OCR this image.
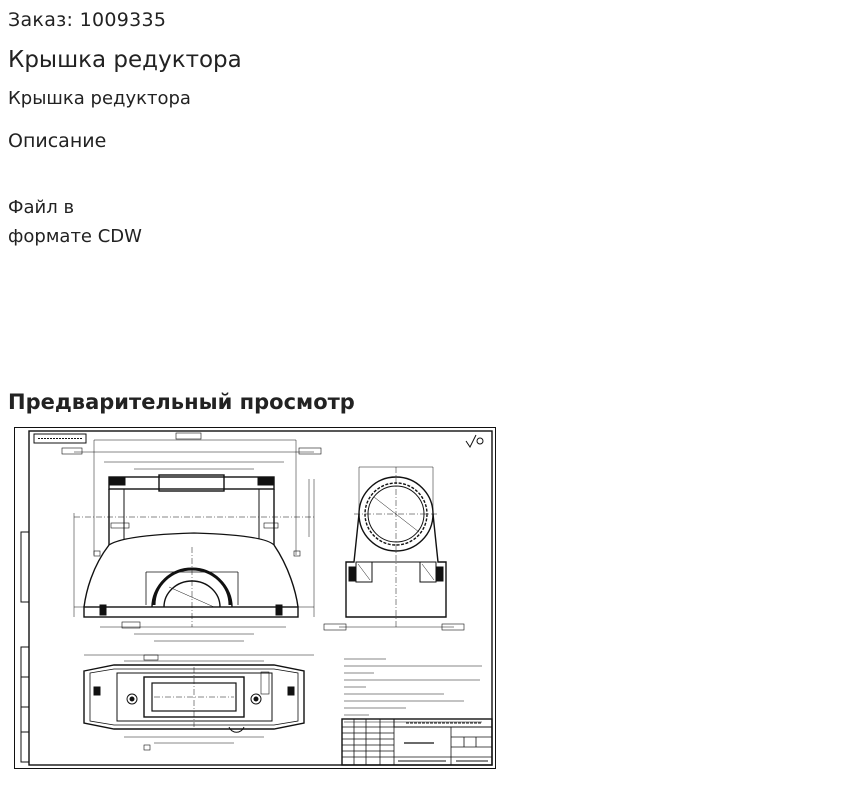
Заказ: 1009335
Крышка редуктора
Крышка редуктора
Описание
Файл в
формате CDW
Предварительный просмотр
